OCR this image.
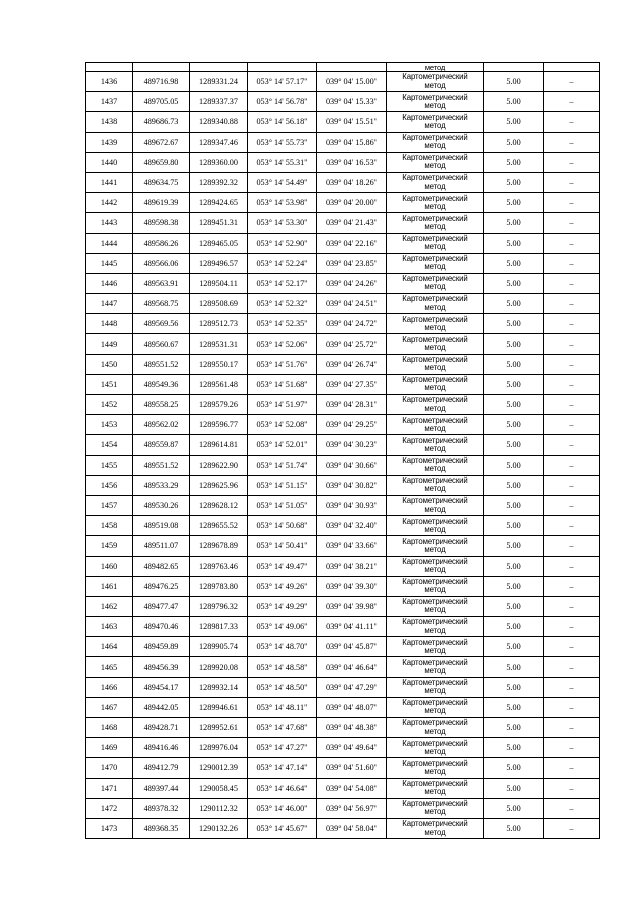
					метод		
1436	489716.98	1289331.24	053° 14' 57.17"	039° 04' 15.00"	Картометрический
метод	5.00	–
1437	489705.05	1289337.37	053° 14' 56.78"	039° 04' 15.33"	Картометрический
метод	5.00	–
1438	489686.73	1289340.88	053° 14' 56.18"	039° 04' 15.51"	Картометрический
метод	5.00	–
1439	489672.67	1289347.46	053° 14' 55.73"	039° 04' 15.86"	Картометрический
метод	5.00	–
1440	489659.80	1289360.00	053° 14' 55.31"	039° 04' 16.53"	Картометрический
метод	5.00	–
1441	489634.75	1289392.32	053° 14' 54.49"	039° 04' 18.26"	Картометрический
метод	5.00	–
1442	489619.39	1289424.65	053° 14' 53.98"	039° 04' 20.00"	Картометрический
метод	5.00	–
1443	489598.38	1289451.31	053° 14' 53.30"	039° 04' 21.43"	Картометрический
метод	5.00	–
1444	489586.26	1289465.05	053° 14' 52.90"	039° 04' 22.16"	Картометрический
метод	5.00	–
1445	489566.06	1289496.57	053° 14' 52.24"	039° 04' 23.85"	Картометрический
метод	5.00	–
1446	489563.91	1289504.11	053° 14' 52.17"	039° 04' 24.26"	Картометрический
метод	5.00	–
1447	489568.75	1289508.69	053° 14' 52.32"	039° 04' 24.51"	Картометрический
метод	5.00	–
1448	489569.56	1289512.73	053° 14' 52.35"	039° 04' 24.72"	Картометрический
метод	5.00	–
1449	489560.67	1289531.31	053° 14' 52.06"	039° 04' 25.72"	Картометрический
метод	5.00	–
1450	489551.52	1289550.17	053° 14' 51.76"	039° 04' 26.74"	Картометрический
метод	5.00	–
1451	489549.36	1289561.48	053° 14' 51.68"	039° 04' 27.35"	Картометрический
метод	5.00	–
1452	489558.25	1289579.26	053° 14' 51.97"	039° 04' 28.31"	Картометрический
метод	5.00	–
1453	489562.02	1289596.77	053° 14' 52.08"	039° 04' 29.25"	Картометрический
метод	5.00	–
1454	489559.87	1289614.81	053° 14' 52.01"	039° 04' 30.23"	Картометрический
метод	5.00	–
1455	489551.52	1289622.90	053° 14' 51.74"	039° 04' 30.66"	Картометрический
метод	5.00	–
1456	489533.29	1289625.96	053° 14' 51.15"	039° 04' 30.82"	Картометрический
метод	5.00	–
1457	489530.26	1289628.12	053° 14' 51.05"	039° 04' 30.93"	Картометрический
метод	5.00	–
1458	489519.08	1289655.52	053° 14' 50.68"	039° 04' 32.40"	Картометрический
метод	5.00	–
1459	489511.07	1289678.89	053° 14' 50.41"	039° 04' 33.66"	Картометрический
метод	5.00	–
1460	489482.65	1289763.46	053° 14' 49.47"	039° 04' 38.21"	Картометрический
метод	5.00	–
1461	489476.25	1289783.80	053° 14' 49.26"	039° 04' 39.30"	Картометрический
метод	5.00	–
1462	489477.47	1289796.32	053° 14' 49.29"	039° 04' 39.98"	Картометрический
метод	5.00	–
1463	489470.46	1289817.33	053° 14' 49.06"	039° 04' 41.11"	Картометрический
метод	5.00	–
1464	489459.89	1289905.74	053° 14' 48.70"	039° 04' 45.87"	Картометрический
метод	5.00	–
1465	489456.39	1289920.08	053° 14' 48.58"	039° 04' 46.64"	Картометрический
метод	5.00	–
1466	489454.17	1289932.14	053° 14' 48.50"	039° 04' 47.29"	Картометрический
метод	5.00	–
1467	489442.05	1289946.61	053° 14' 48.11"	039° 04' 48.07"	Картометрический
метод	5.00	–
1468	489428.71	1289952.61	053° 14' 47.68"	039° 04' 48.38"	Картометрический
метод	5.00	–
1469	489416.46	1289976.04	053° 14' 47.27"	039° 04' 49.64"	Картометрический
метод	5.00	–
1470	489412.79	1290012.39	053° 14' 47.14"	039° 04' 51.60"	Картометрический
метод	5.00	–
1471	489397.44	1290058.45	053° 14' 46.64"	039° 04' 54.08"	Картометрический
метод	5.00	–
1472	489378.32	1290112.32	053° 14' 46.00"	039° 04' 56.97"	Картометрический
метод	5.00	–
1473	489368.35	1290132.26	053° 14' 45.67"	039° 04' 58.04"	Картометрический
метод	5.00	–
